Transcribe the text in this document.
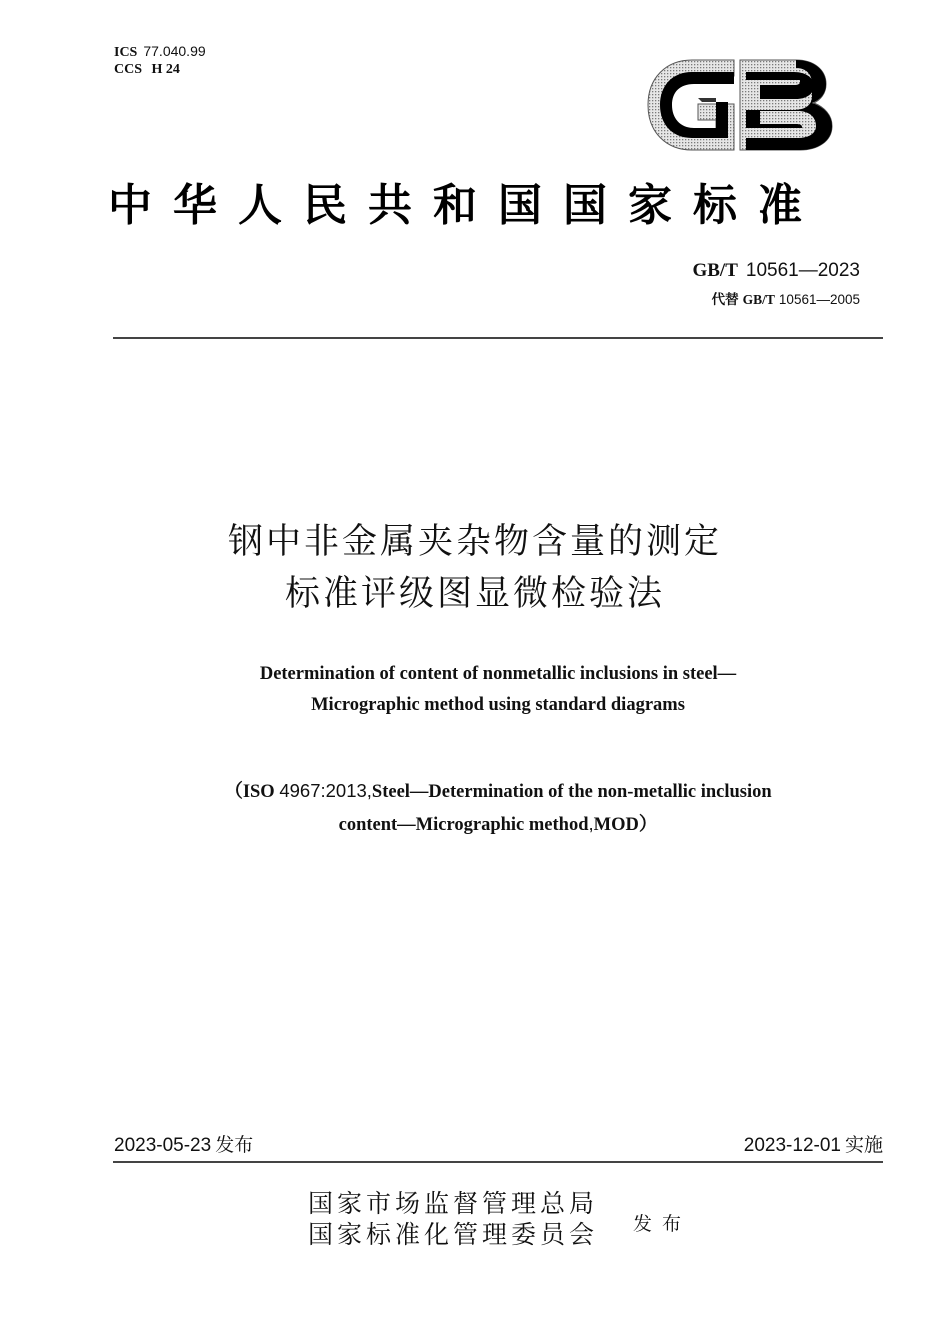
ICS 77.040.99
CCS H 24
中华人民共和国国家标准
GB/T 10561—2023
代替 GB/T 10561—2005
钢中非金属夹杂物含量的测定
标准评级图显微检验法
Determination of content of nonmetallic inclusions in steel—
Micrographic method using standard diagrams
（ISO 4967:2013,Steel—Determination of the non-metallic inclusion
content—Micrographic method,MOD）
2023-05-23 发布	2023-12-01 实施
国家市场监督管理总局
国家标准化管理委员会 发布
